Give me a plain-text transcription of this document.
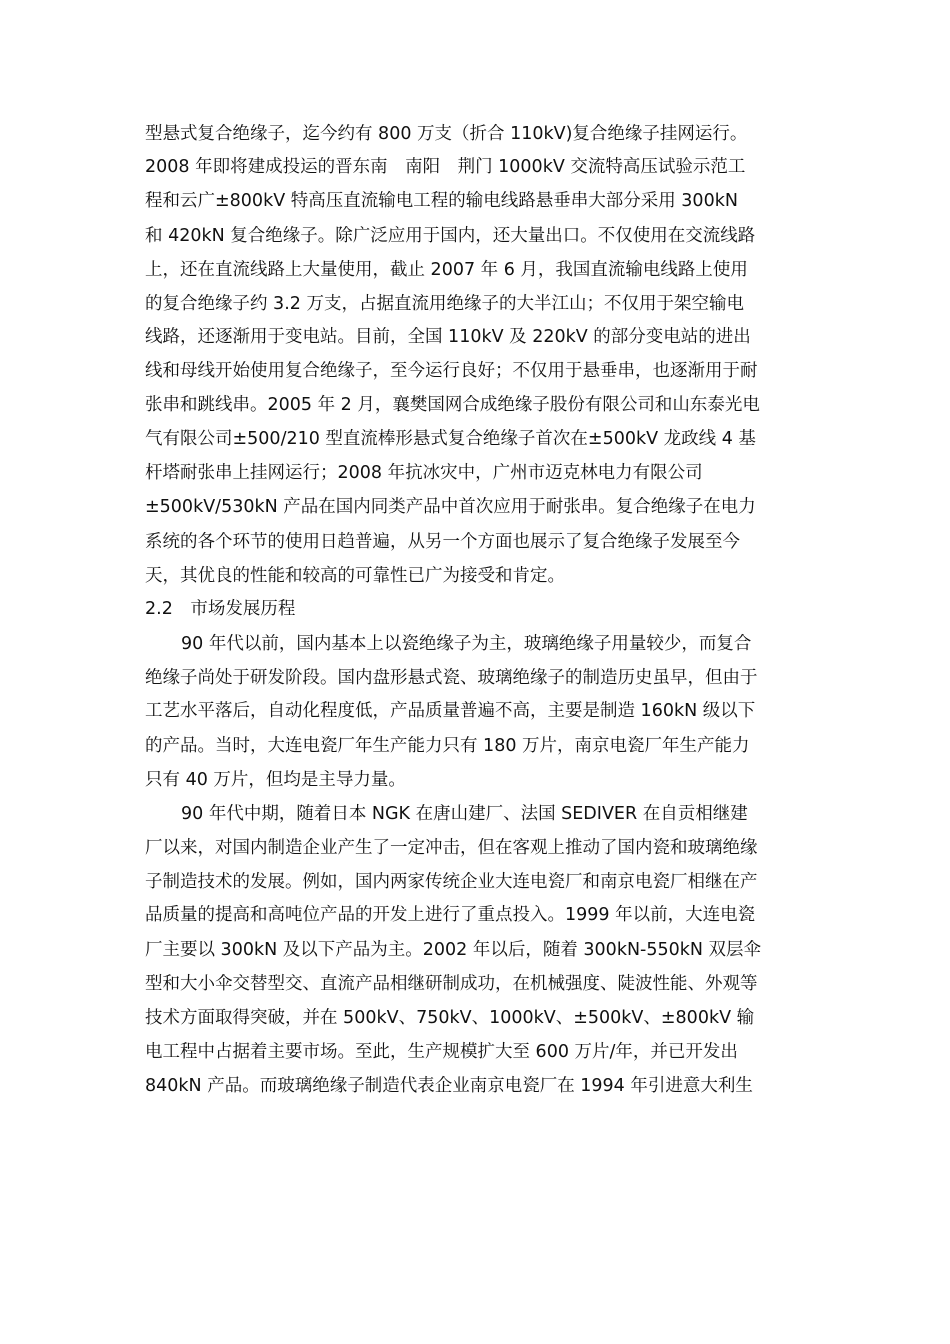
型悬式复合绝缘子，迄今约有 800 万支（折合 110kV)复合绝缘子挂网运行。
2008 年即将建成投运的晋东南　南阳　荆门 1000kV 交流特高压试验示范工
程和云广±800kV 特高压直流输电工程的输电线路悬垂串大部分采用 300kN
和 420kN 复合绝缘子。除广泛应用于国内，还大量出口。不仅使用在交流线路
上，还在直流线路上大量使用，截止 2007 年 6 月，我国直流输电线路上使用
的复合绝缘子约 3.2 万支，占据直流用绝缘子的大半江山；不仅用于架空输电
线路，还逐渐用于变电站。目前，全国 110kV 及 220kV 的部分变电站的进出
线和母线开始使用复合绝缘子，至今运行良好；不仅用于悬垂串，也逐渐用于耐
张串和跳线串。2005 年 2 月，襄樊国网合成绝缘子股份有限公司和山东泰光电
气有限公司±500/210 型直流棒形悬式复合绝缘子首次在±500kV 龙政线 4 基
杆塔耐张串上挂网运行；2008 年抗冰灾中，广州市迈克林电力有限公司
±500kV/530kN 产品在国内同类产品中首次应用于耐张串。复合绝缘子在电力
系统的各个环节的使用日趋普遍，从另一个方面也展示了复合绝缘子发展至今
天，其优良的性能和较高的可靠性已广为接受和肯定。
2.2　市场发展历程
90 年代以前，国内基本上以瓷绝缘子为主，玻璃绝缘子用量较少，而复合
绝缘子尚处于研发阶段。国内盘形悬式瓷、玻璃绝缘子的制造历史虽早，但由于
工艺水平落后，自动化程度低，产品质量普遍不高，主要是制造 160kN 级以下
的产品。当时，大连电瓷厂年生产能力只有 180 万片，南京电瓷厂年生产能力
只有 40 万片，但均是主导力量。
90 年代中期，随着日本 NGK 在唐山建厂、法国 SEDIVER 在自贡相继建
厂以来，对国内制造企业产生了一定冲击，但在客观上推动了国内瓷和玻璃绝缘
子制造技术的发展。例如，国内两家传统企业大连电瓷厂和南京电瓷厂相继在产
品质量的提高和高吨位产品的开发上进行了重点投入。1999 年以前，大连电瓷
厂主要以 300kN 及以下产品为主。2002 年以后，随着 300kN-550kN 双层伞
型和大小伞交替型交、直流产品相继研制成功，在机械强度、陡波性能、外观等
技术方面取得突破，并在 500kV、750kV、1000kV、±500kV、±800kV 输
电工程中占据着主要市场。至此，生产规模扩大至 600 万片/年，并已开发出
840kN 产品。而玻璃绝缘子制造代表企业南京电瓷厂在 1994 年引进意大利生
